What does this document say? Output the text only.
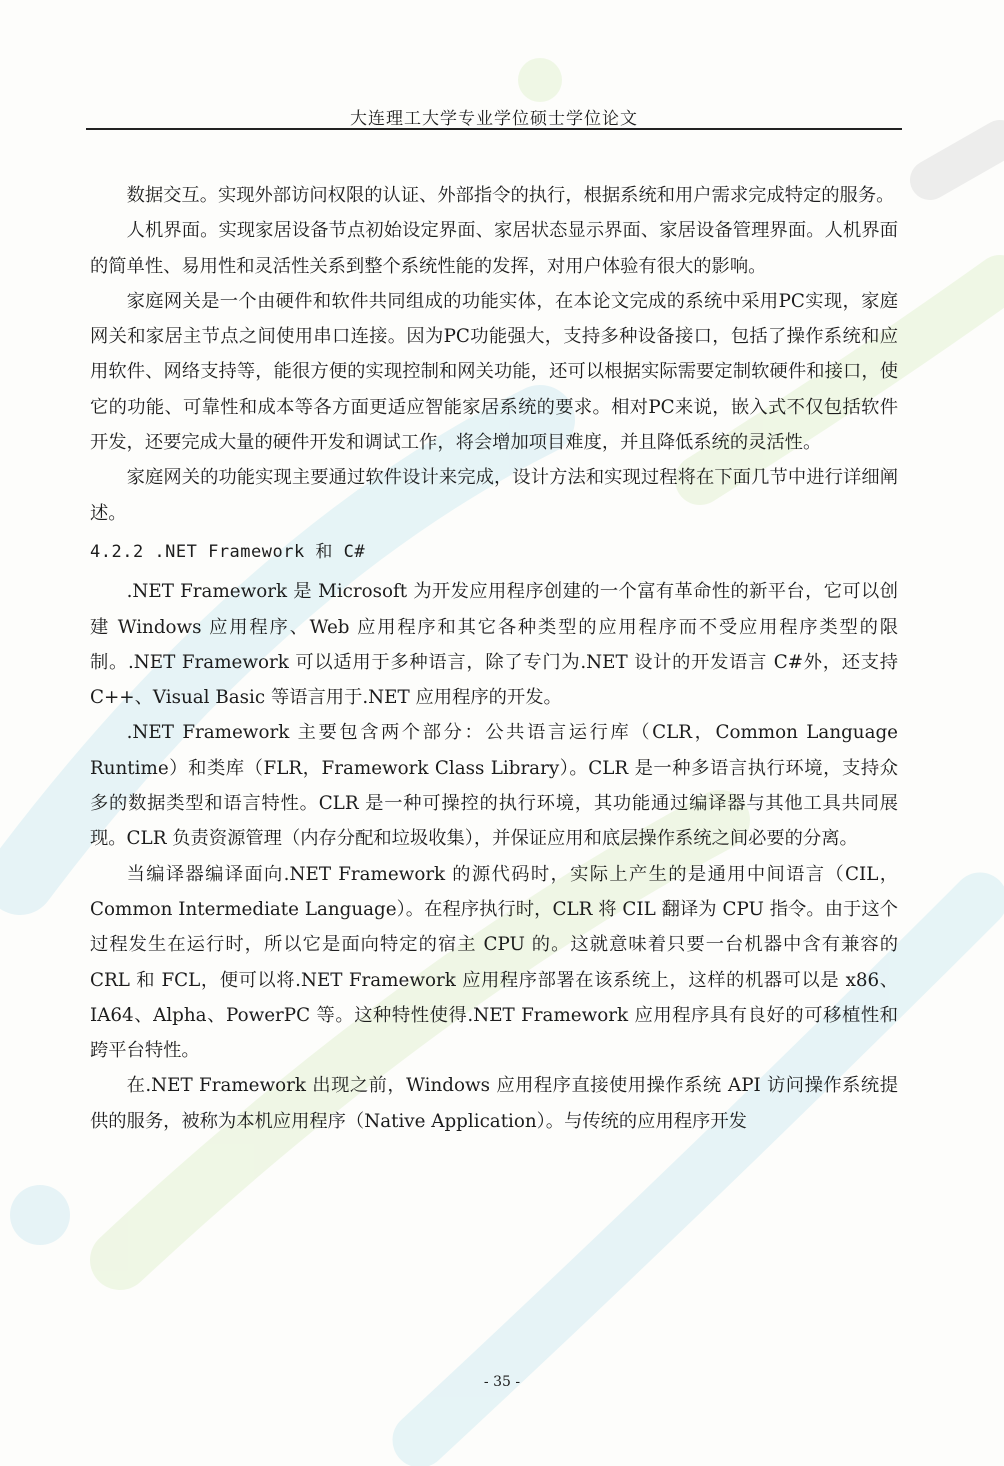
大连理工大学专业学位硕士学位论文

数据交互。实现外部访问权限的认证、外部指令的执行，根据系统和用户需求完成特定的服务。

人机界面。实现家居设备节点初始设定界面、家居状态显示界面、家居设备管理界面。人机界面的简单性、易用性和灵活性关系到整个系统性能的发挥，对用户体验有很大的影响。

家庭网关是一个由硬件和软件共同组成的功能实体，在本论文完成的系统中采用PC实现，家庭网关和家居主节点之间使用串口连接。因为PC功能强大，支持多种设备接口，包括了操作系统和应用软件、网络支持等，能很方便的实现控制和网关功能，还可以根据实际需要定制软硬件和接口，使它的功能、可靠性和成本等各方面更适应智能家居系统的要求。相对PC来说，嵌入式不仅包括软件开发，还要完成大量的硬件开发和调试工作，将会增加项目难度，并且降低系统的灵活性。

家庭网关的功能实现主要通过软件设计来完成，设计方法和实现过程将在下面几节中进行详细阐述。

4.2.2 .NET Framework 和 C#

.NET Framework 是 Microsoft 为开发应用程序创建的一个富有革命性的新平台，它可以创建 Windows 应用程序、Web 应用程序和其它各种类型的应用程序而不受应用程序类型的限制。.NET Framework 可以适用于多种语言，除了专门为.NET 设计的开发语言 C#外，还支持 C++、Visual Basic 等语言用于.NET 应用程序的开发。

.NET Framework 主要包含两个部分：公共语言运行库（CLR，Common Language Runtime）和类库（FLR，Framework Class Library）。CLR 是一种多语言执行环境，支持众多的数据类型和语言特性。CLR 是一种可操控的执行环境，其功能通过编译器与其他工具共同展现。CLR 负责资源管理（内存分配和垃圾收集），并保证应用和底层操作系统之间必要的分离。

当编译器编译面向.NET Framework 的源代码时，实际上产生的是通用中间语言（CIL，Common Intermediate Language）。在程序执行时，CLR 将 CIL 翻译为 CPU 指令。由于这个过程发生在运行时，所以它是面向特定的宿主 CPU 的。这就意味着只要一台机器中含有兼容的 CRL 和 FCL，便可以将.NET Framework 应用程序部署在该系统上，这样的机器可以是 x86、IA64、Alpha、PowerPC 等。这种特性使得.NET Framework 应用程序具有良好的可移植性和跨平台特性。

在.NET Framework 出现之前，Windows 应用程序直接使用操作系统 API 访问操作系统提供的服务，被称为本机应用程序（Native Application）。与传统的应用程序开发

- 35 -
